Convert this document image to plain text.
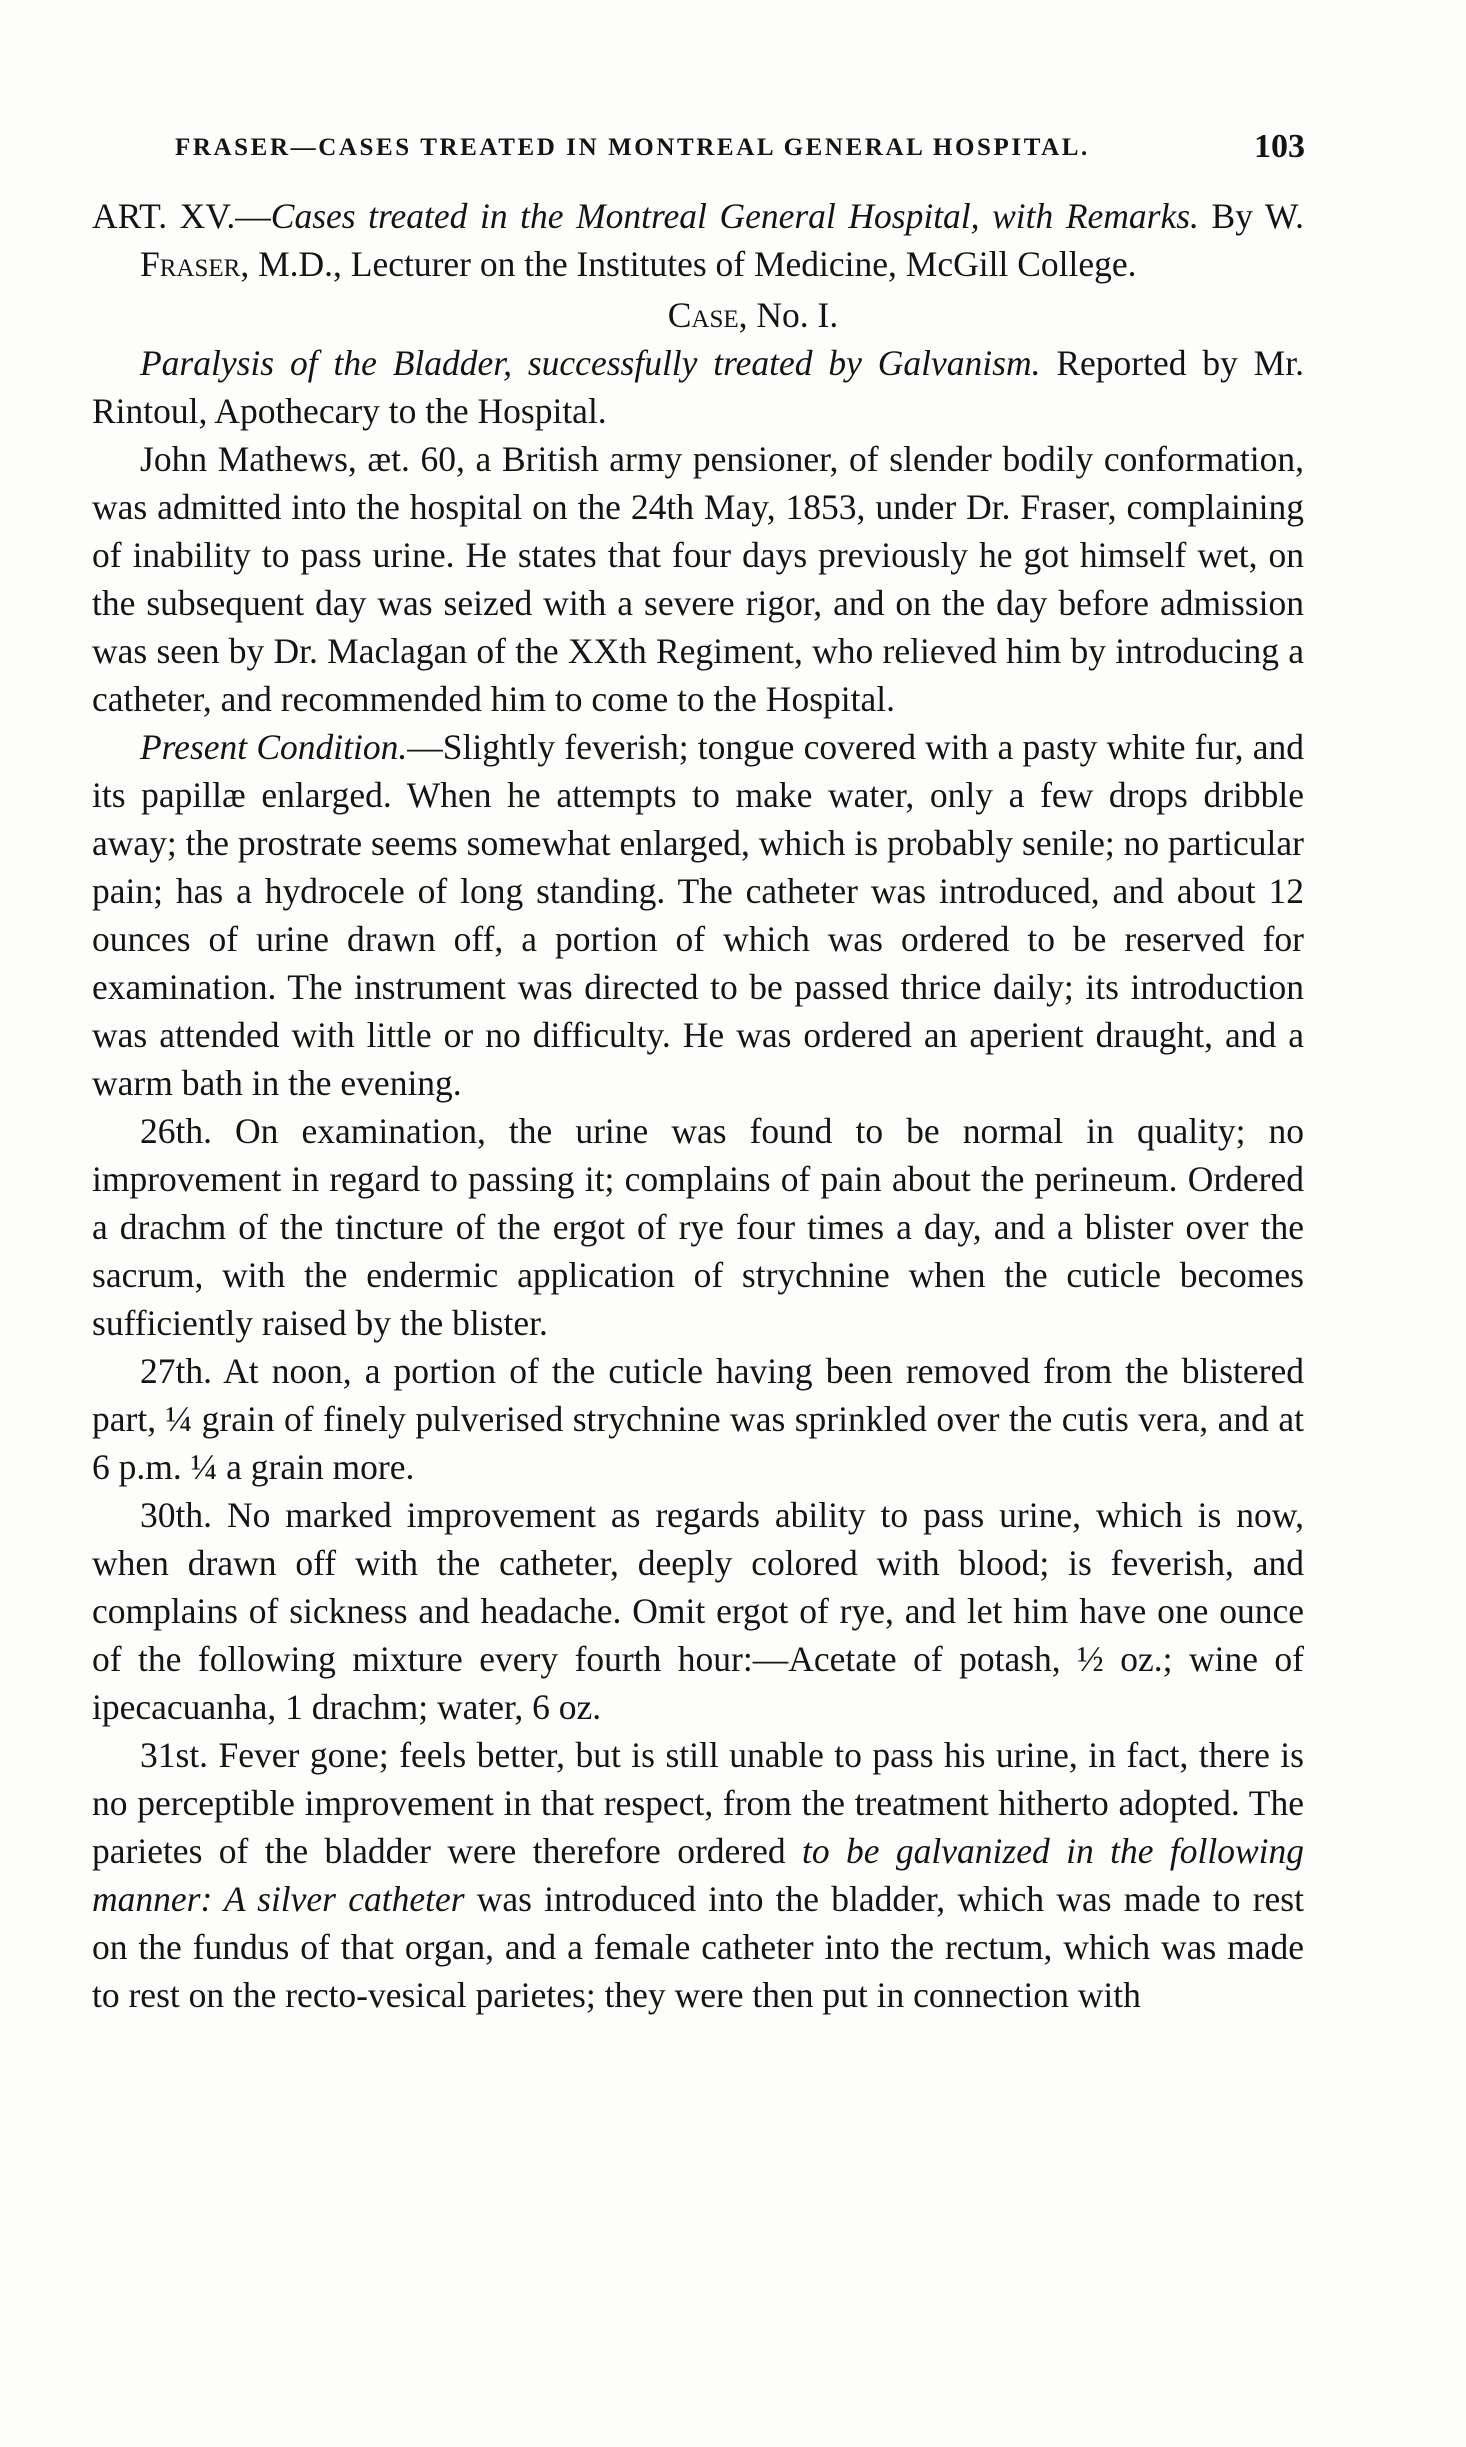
FRASER—CASES TREATED IN MONTREAL GENERAL HOSPITAL.	103

ART. XV.—Cases treated in the Montreal General Hospital, with Remarks. By W. Fraser, M.D., Lecturer on the Institutes of Medicine, McGill College.

Case, No. I.

Paralysis of the Bladder, successfully treated by Galvanism. Reported by Mr. Rintoul, Apothecary to the Hospital.

John Mathews, æt. 60, a British army pensioner, of slender bodily conformation, was admitted into the hospital on the 24th May, 1853, under Dr. Fraser, complaining of inability to pass urine. He states that four days previously he got himself wet, on the subsequent day was seized with a severe rigor, and on the day before admission was seen by Dr. Maclagan of the XXth Regiment, who relieved him by introducing a catheter, and recommended him to come to the Hospital.

Present Condition.—Slightly feverish; tongue covered with a pasty white fur, and its papillæ enlarged. When he attempts to make water, only a few drops dribble away; the prostrate seems somewhat enlarged, which is probably senile; no particular pain; has a hydrocele of long standing. The catheter was introduced, and about 12 ounces of urine drawn off, a portion of which was ordered to be reserved for examination. The instrument was directed to be passed thrice daily; its introduction was attended with little or no difficulty. He was ordered an aperient draught, and a warm bath in the evening.

26th. On examination, the urine was found to be normal in quality; no improvement in regard to passing it; complains of pain about the perineum. Ordered a drachm of the tincture of the ergot of rye four times a day, and a blister over the sacrum, with the endermic application of strychnine when the cuticle becomes sufficiently raised by the blister.

27th. At noon, a portion of the cuticle having been removed from the blistered part, ¼ grain of finely pulverised strychnine was sprinkled over the cutis vera, and at 6 p.m. ¼ a grain more.

30th. No marked improvement as regards ability to pass urine, which is now, when drawn off with the catheter, deeply colored with blood; is feverish, and complains of sickness and headache. Omit ergot of rye, and let him have one ounce of the following mixture every fourth hour:—Acetate of potash, ½ oz.; wine of ipecacuanha, 1 drachm; water, 6 oz.

31st. Fever gone; feels better, but is still unable to pass his urine, in fact, there is no perceptible improvement in that respect, from the treatment hitherto adopted. The parietes of the bladder were therefore ordered to be galvanized in the following manner: A silver catheter was introduced into the bladder, which was made to rest on the fundus of that organ, and a female catheter into the rectum, which was made to rest on the recto-vesical parietes; they were then put in connection with
